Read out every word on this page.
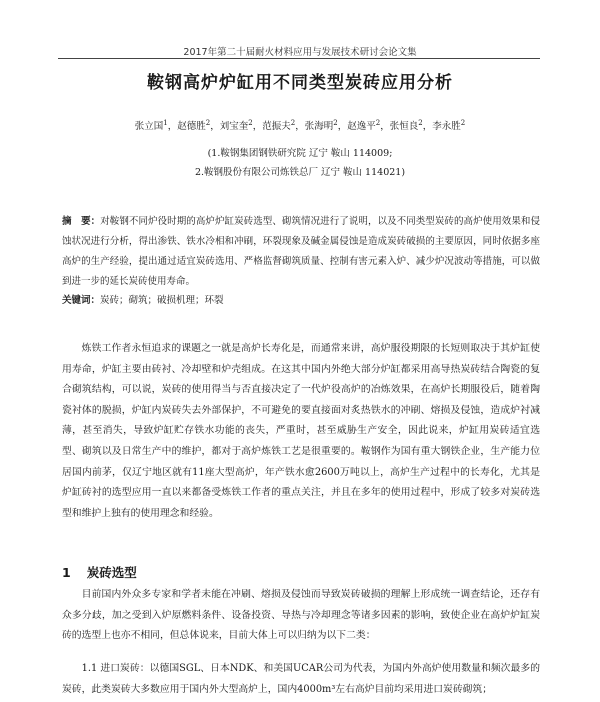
2017年第二十届耐火材料应用与发展技术研讨会论文集
鞍钢高炉炉缸用不同类型炭砖应用分析
张立国$^1$，赵德胜$^2$，刘宝奎$^2$，范振夫$^2$，张海明$^2$，赵逸平$^2$，张恒良$^2$，李永胜$^2$
(1.鞍钢集团钢铁研究院 辽宁 鞍山 114009;
2.鞍钢股份有限公司炼铁总厂 辽宁 鞍山 114021)
摘　要：对鞍钢不同炉役时期的高炉炉缸炭砖选型、砌筑情况进行了说明，以及不同类型炭砖的高炉使用效果和侵蚀状况进行分析，得出渗铁、铁水冷相和冲刷，环裂现象及碱金属侵蚀是造成炭砖破损的主要原因，同时依据多座高炉的生产经验，提出通过适宜炭砖选用、严格监督砌筑质量、控制有害元素入炉、减少炉况波动等措施，可以做到进一步的延长炭砖使用寿命。
关键词：炭砖；砌筑；破损机理；环裂
炼铁工作者永恒追求的课题之一就是高炉长寿化是，而通常来讲，高炉服役期限的长短则取决于其炉缸使用寿命，炉缸主要由砖衬、冷却壁和炉壳组成。在这其中国内外绝大部分炉缸都采用高导热炭砖结合陶瓷的复合砌筑结构，可以说，炭砖的使用得当与否直接决定了一代炉役高炉的冶炼效果，在高炉长期服役后，随着陶瓷衬体的脱损，炉缸内炭砖失去外部保护，不可避免的要直接面对炙热铁水的冲刷、熔损及侵蚀，造成炉衬减薄，甚至消失，导致炉缸贮存铁水功能的丧失，严重时，甚至威胁生产安全，因此说来，炉缸用炭砖适宜选型、砌筑以及日常生产中的维护，都对于高炉炼铁工艺是很重要的。鞍钢作为国有重大钢铁企业，生产能力位居国内前茅，仅辽宁地区就有11座大型高炉，年产铁水愈2600万吨以上，高炉生产过程中的长寿化，尤其是炉缸砖衬的选型应用一直以来都备受炼铁工作者的重点关注，并且在多年的使用过程中，形成了较多对炭砖选型和维护上独有的使用理念和经验。
1 炭砖选型
目前国内外众多专家和学者未能在冲刷、熔损及侵蚀而导致炭砖破损的理解上形成统一调查结论，还存有众多分歧，加之受到入炉原燃料条件、设备投资、导热与冷却理念等诸多因素的影响，致使企业在高炉炉缸炭砖的选型上也亦不相同，但总体说来，目前大体上可以归纳为以下二类：
1.1 进口炭砖：以德国SGL、日本NDK、和美国UCAR公司为代表，为国内外高炉使用数量和频次最多的炭砖，此类炭砖大多数应用于国内外大型高炉上，国内4000m³左右高炉目前均采用进口炭砖砌筑；
